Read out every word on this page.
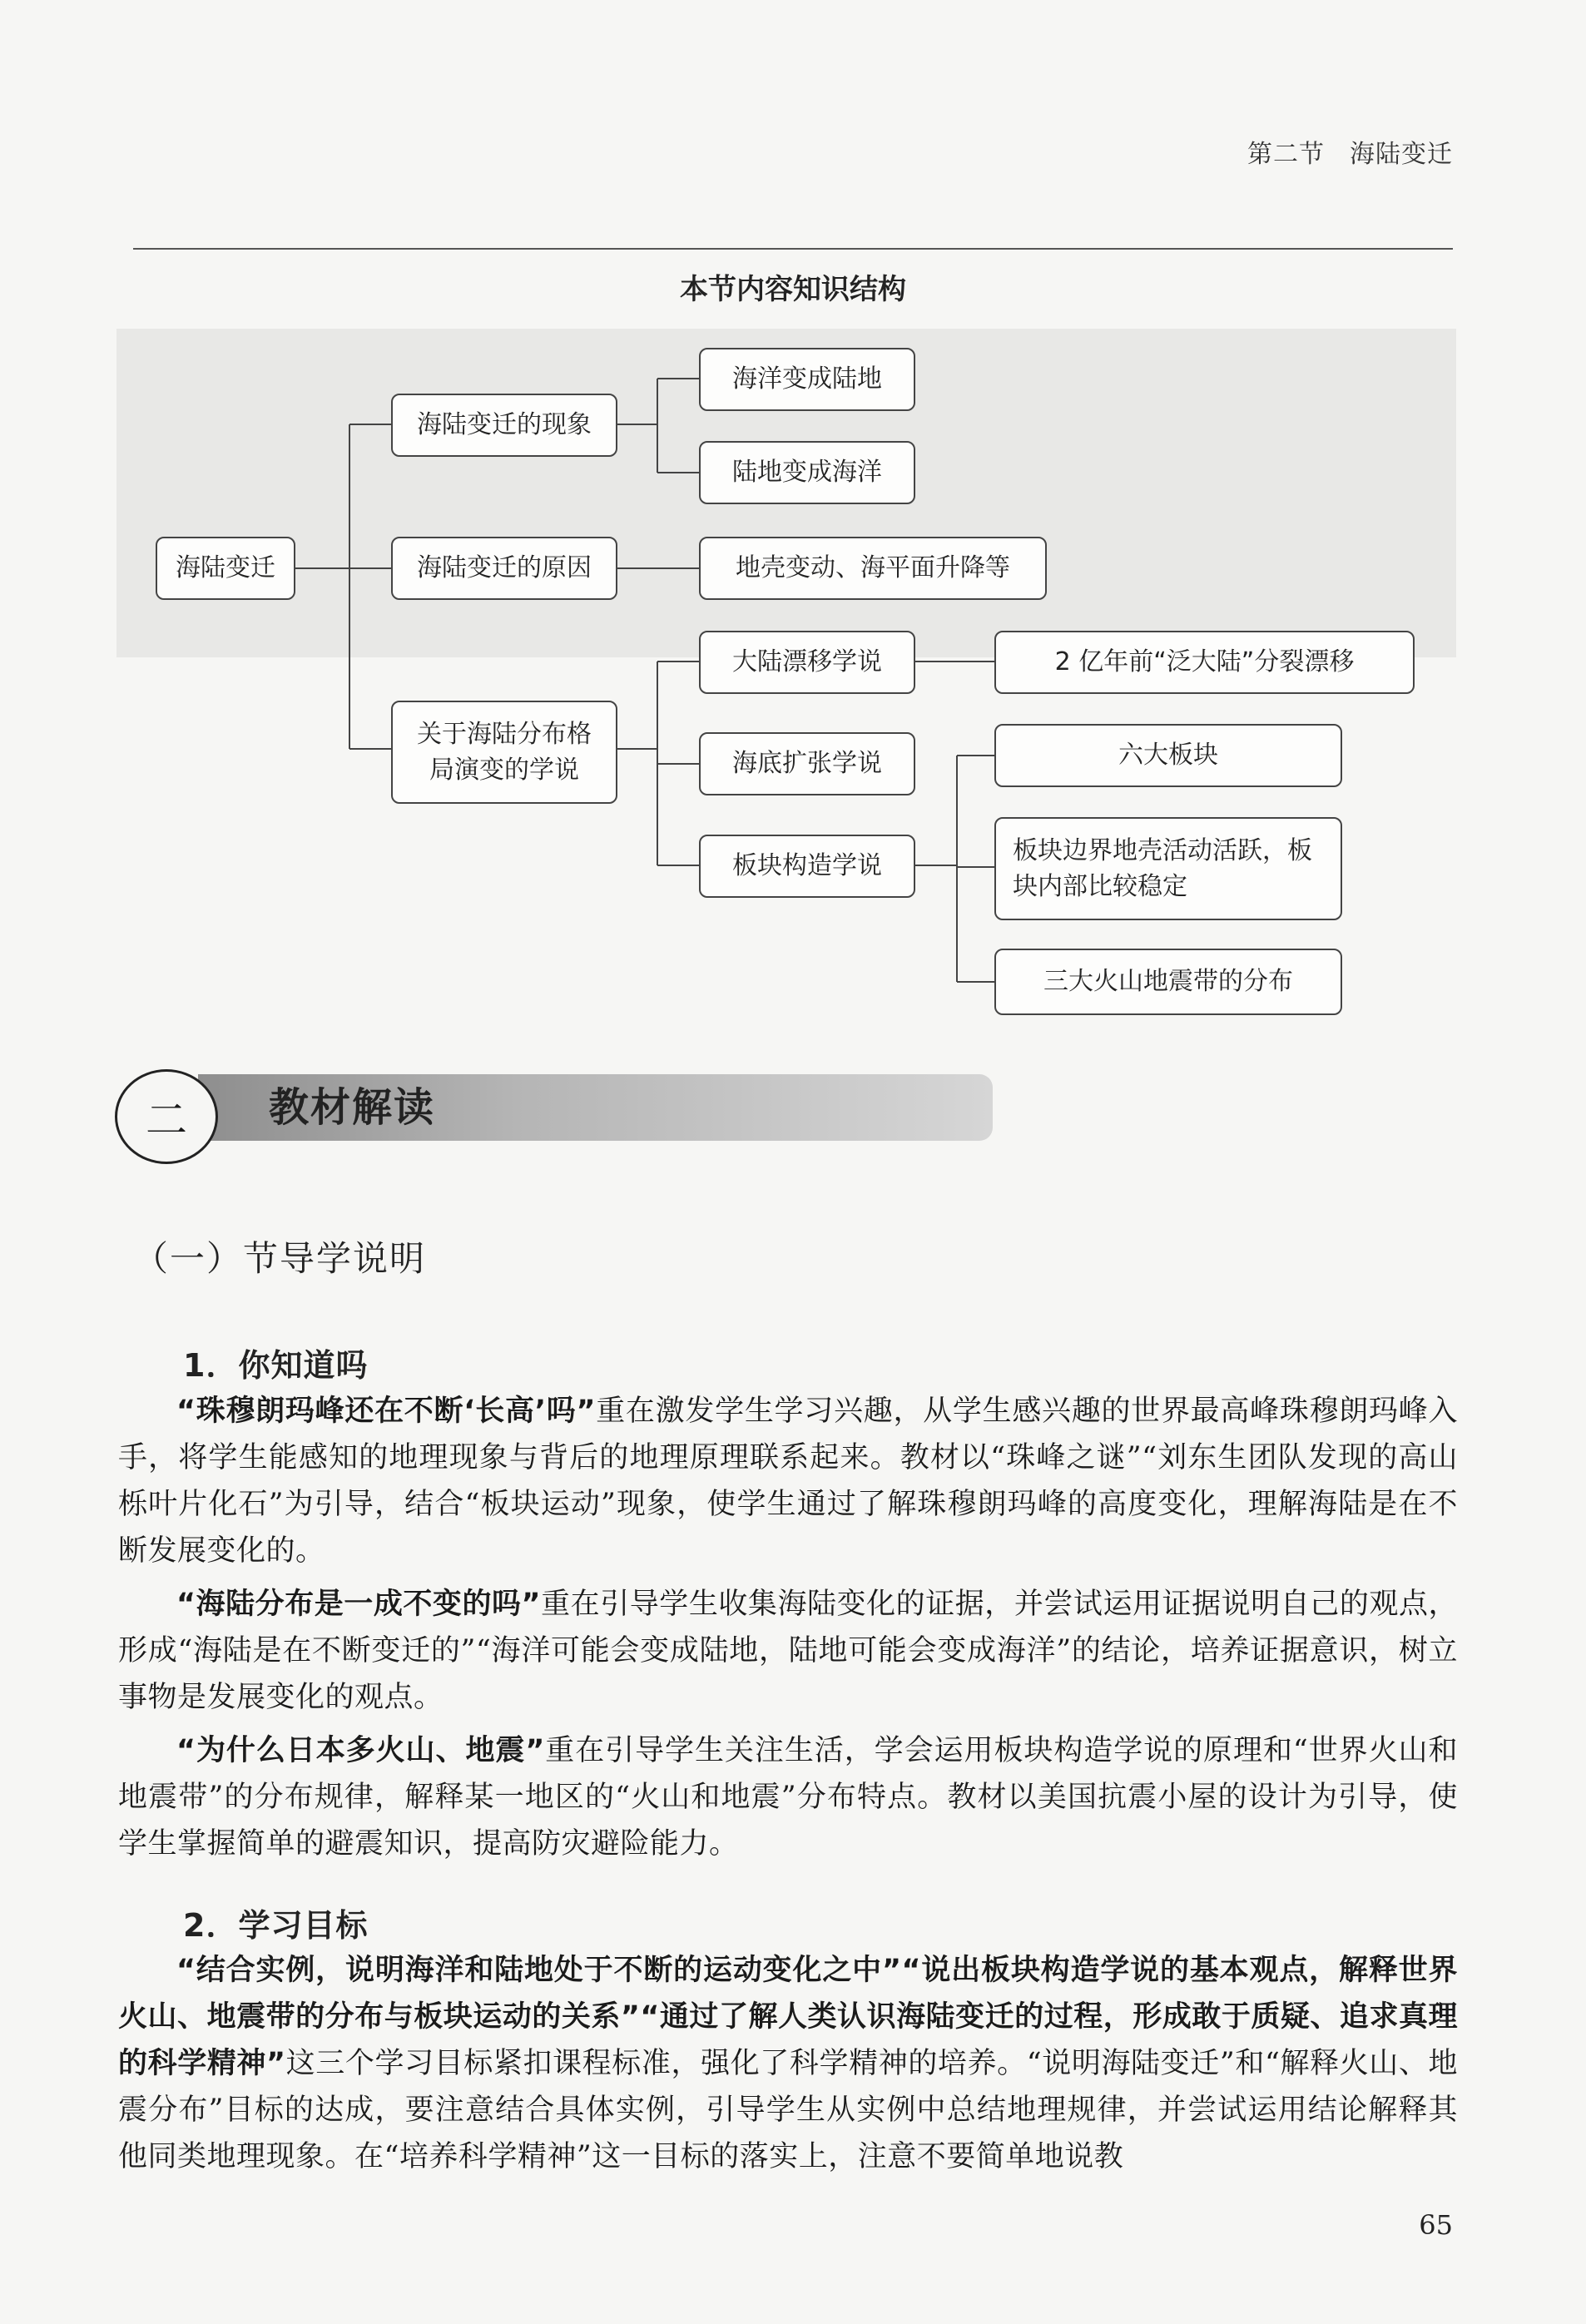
第二节 海陆变迁
本节内容知识结构
海陆变迁
海陆变迁的现象
海陆变迁的原因
关于海陆分布格局演变的学说
海洋变成陆地
陆地变成海洋
地壳变动、海平面升降等
大陆漂移学说
海底扩张学说
板块构造学说
2 亿年前“泛大陆”分裂漂移
六大板块
板块边界地壳活动活跃，板块内部比较稳定
三大火山地震带的分布
二	教材解读
（一）节导学说明
1．你知道吗
“珠穆朗玛峰还在不断‘长高’吗”重在激发学生学习兴趣，从学生感兴趣的世界最高峰珠穆朗玛峰入手，将学生能感知的地理现象与背后的地理原理联系起来。教材以“珠峰之谜”“刘东生团队发现的高山栎叶片化石”为引导，结合“板块运动”现象，使学生通过了解珠穆朗玛峰的高度变化，理解海陆是在不断发展变化的。
“海陆分布是一成不变的吗”重在引导学生收集海陆变化的证据，并尝试运用证据说明自己的观点，形成“海陆是在不断变迁的”“海洋可能会变成陆地，陆地可能会变成海洋”的结论，培养证据意识，树立事物是发展变化的观点。
“为什么日本多火山、地震”重在引导学生关注生活，学会运用板块构造学说的原理和“世界火山和地震带”的分布规律，解释某一地区的“火山和地震”分布特点。教材以美国抗震小屋的设计为引导，使学生掌握简单的避震知识，提高防灾避险能力。
2．学习目标
“结合实例，说明海洋和陆地处于不断的运动变化之中”“说出板块构造学说的基本观点，解释世界火山、地震带的分布与板块运动的关系”“通过了解人类认识海陆变迁的过程，形成敢于质疑、追求真理的科学精神”这三个学习目标紧扣课程标准，强化了科学精神的培养。“说明海陆变迁”和“解释火山、地震分布”目标的达成，要注意结合具体实例，引导学生从实例中总结地理规律，并尝试运用结论解释其他同类地理现象。在“培养科学精神”这一目标的落实上，注意不要简单地说教
65
